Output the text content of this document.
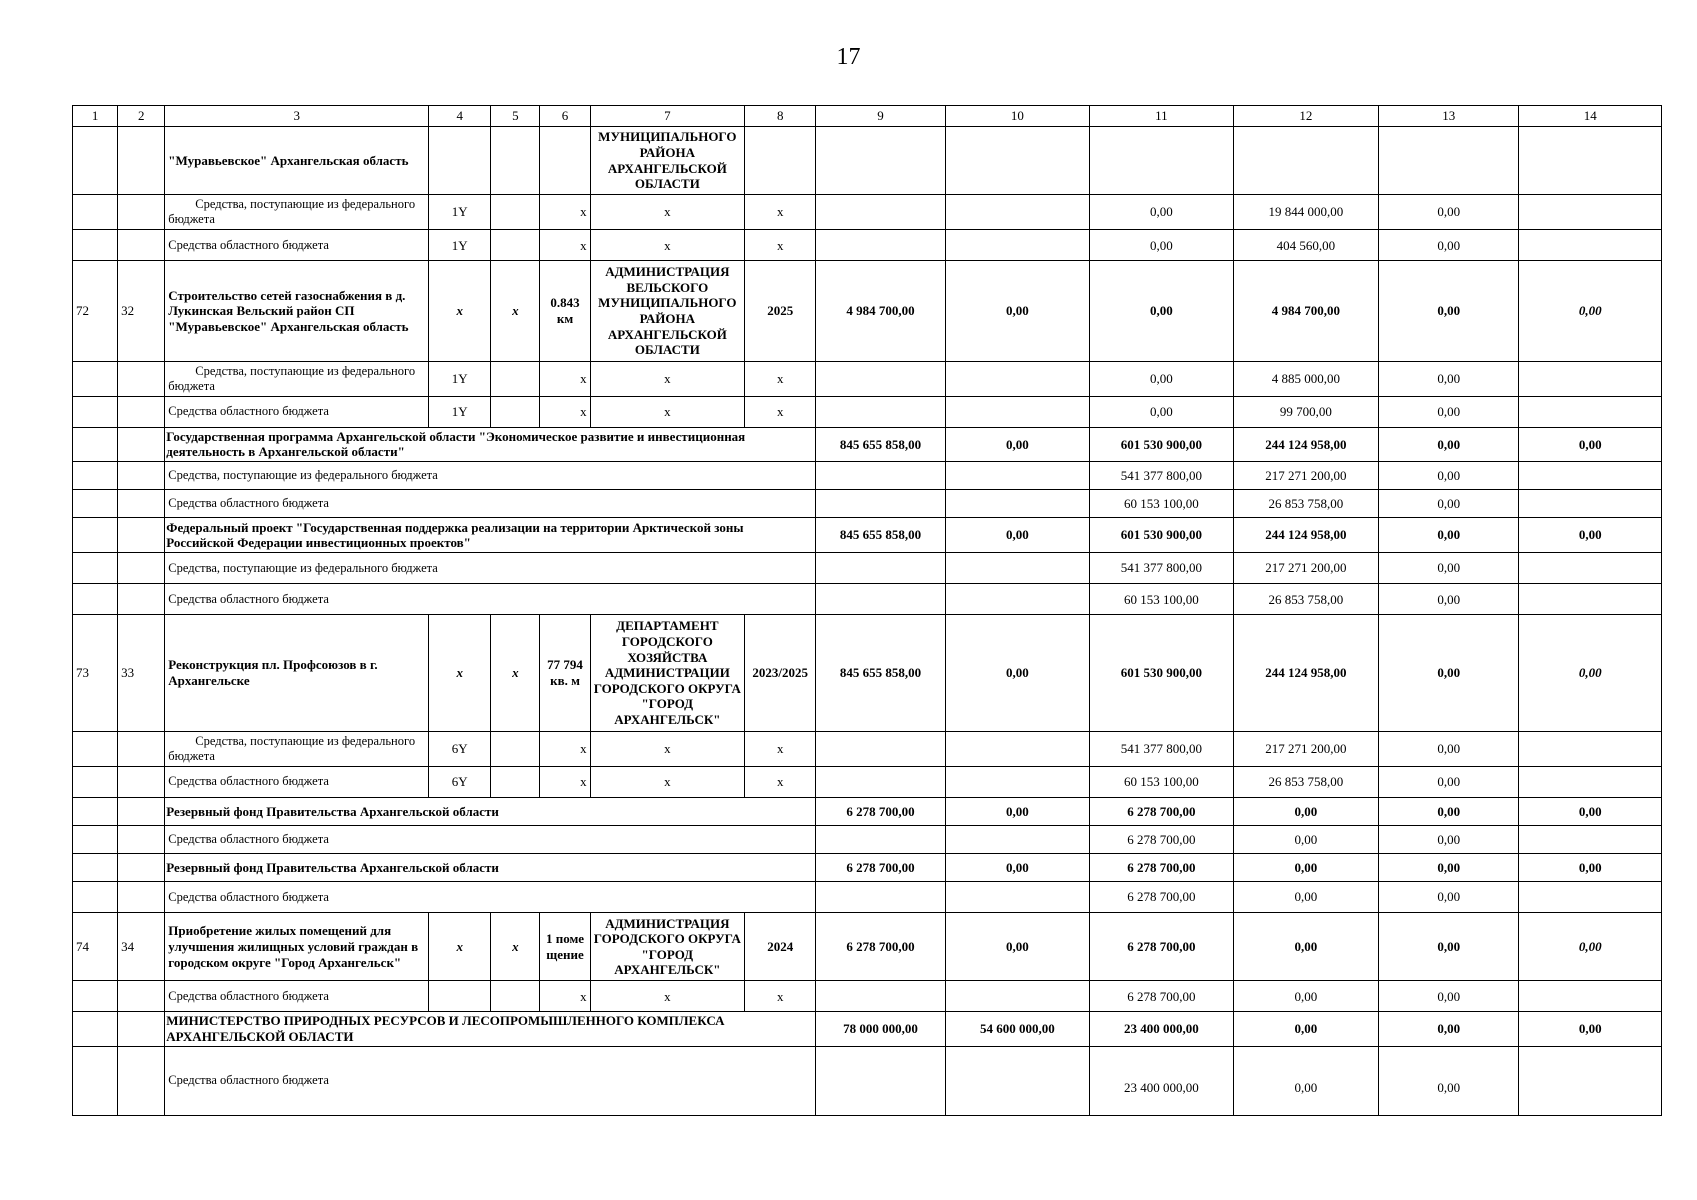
17
1	2	3	4	5	6	7	8	9	10	11	12	13	14
		"Муравьевское" Архангельская область				МУНИЦИПАЛЬНОГО РАЙОНА АРХАНГЕЛЬСКОЙ ОБЛАСТИ							
		Средства, поступающие из федерального бюджета	1Y		x	x	x			0,00	19 844 000,00	0,00	
		Средства областного бюджета	1Y		x	x	x			0,00	404 560,00	0,00	
72	32	Строительство сетей газоснабжения в д. Лукинская Вельский район СП "Муравьевское" Архангельская область	x	x	0.843 км	АДМИНИСТРАЦИЯ ВЕЛЬСКОГО МУНИЦИПАЛЬНОГО РАЙОНА АРХАНГЕЛЬСКОЙ ОБЛАСТИ	2025	4 984 700,00	0,00	0,00	4 984 700,00	0,00	0,00
		Средства, поступающие из федерального бюджета	1Y		x	x	x			0,00	4 885 000,00	0,00	
		Средства областного бюджета	1Y		x	x	x			0,00	99 700,00	0,00	
		Государственная программа Архангельской области "Экономическое развитие и инвестиционная деятельность в Архангельской области"						845 655 858,00	0,00	601 530 900,00	244 124 958,00	0,00	0,00
		Средства, поступающие из федерального бюджета								541 377 800,00	217 271 200,00	0,00	
		Средства областного бюджета								60 153 100,00	26 853 758,00	0,00	
		Федеральный проект "Государственная поддержка реализации на территории Арктической зоны Российской Федерации инвестиционных проектов"						845 655 858,00	0,00	601 530 900,00	244 124 958,00	0,00	0,00
		Средства, поступающие из федерального бюджета								541 377 800,00	217 271 200,00	0,00	
		Средства областного бюджета								60 153 100,00	26 853 758,00	0,00	
73	33	Реконструкция пл. Профсоюзов в г. Архангельске	x	x	77 794 кв. м	ДЕПАРТАМЕНТ ГОРОДСКОГО ХОЗЯЙСТВА АДМИНИСТРАЦИИ ГОРОДСКОГО ОКРУГА "ГОРОД АРХАНГЕЛЬСК"	2023/2025	845 655 858,00	0,00	601 530 900,00	244 124 958,00	0,00	0,00
		Средства, поступающие из федерального бюджета	6Y		x	x	x			541 377 800,00	217 271 200,00	0,00	
		Средства областного бюджета	6Y		x	x	x			60 153 100,00	26 853 758,00	0,00	
		Резервный фонд Правительства Архангельской области						6 278 700,00	0,00	6 278 700,00	0,00	0,00	0,00
		Средства областного бюджета								6 278 700,00	0,00	0,00	
		Резервный фонд Правительства Архангельской области						6 278 700,00	0,00	6 278 700,00	0,00	0,00	0,00
		Средства областного бюджета								6 278 700,00	0,00	0,00	
74	34	Приобретение жилых помещений для улучшения жилищных условий граждан в городском округе "Город Архангельск"	x	x	1 поме щение	АДМИНИСТРАЦИЯ ГОРОДСКОГО ОКРУГА "ГОРОД АРХАНГЕЛЬСК"	2024	6 278 700,00	0,00	6 278 700,00	0,00	0,00	0,00
		Средства областного бюджета			x	x	x			6 278 700,00	0,00	0,00	
		МИНИСТЕРСТВО ПРИРОДНЫХ РЕСУРСОВ И ЛЕСОПРОМЫШЛЕННОГО КОМПЛЕКСА АРХАНГЕЛЬСКОЙ ОБЛАСТИ						78 000 000,00	54 600 000,00	23 400 000,00	0,00	0,00	0,00
		Средства областного бюджета								23 400 000,00	0,00	0,00	
